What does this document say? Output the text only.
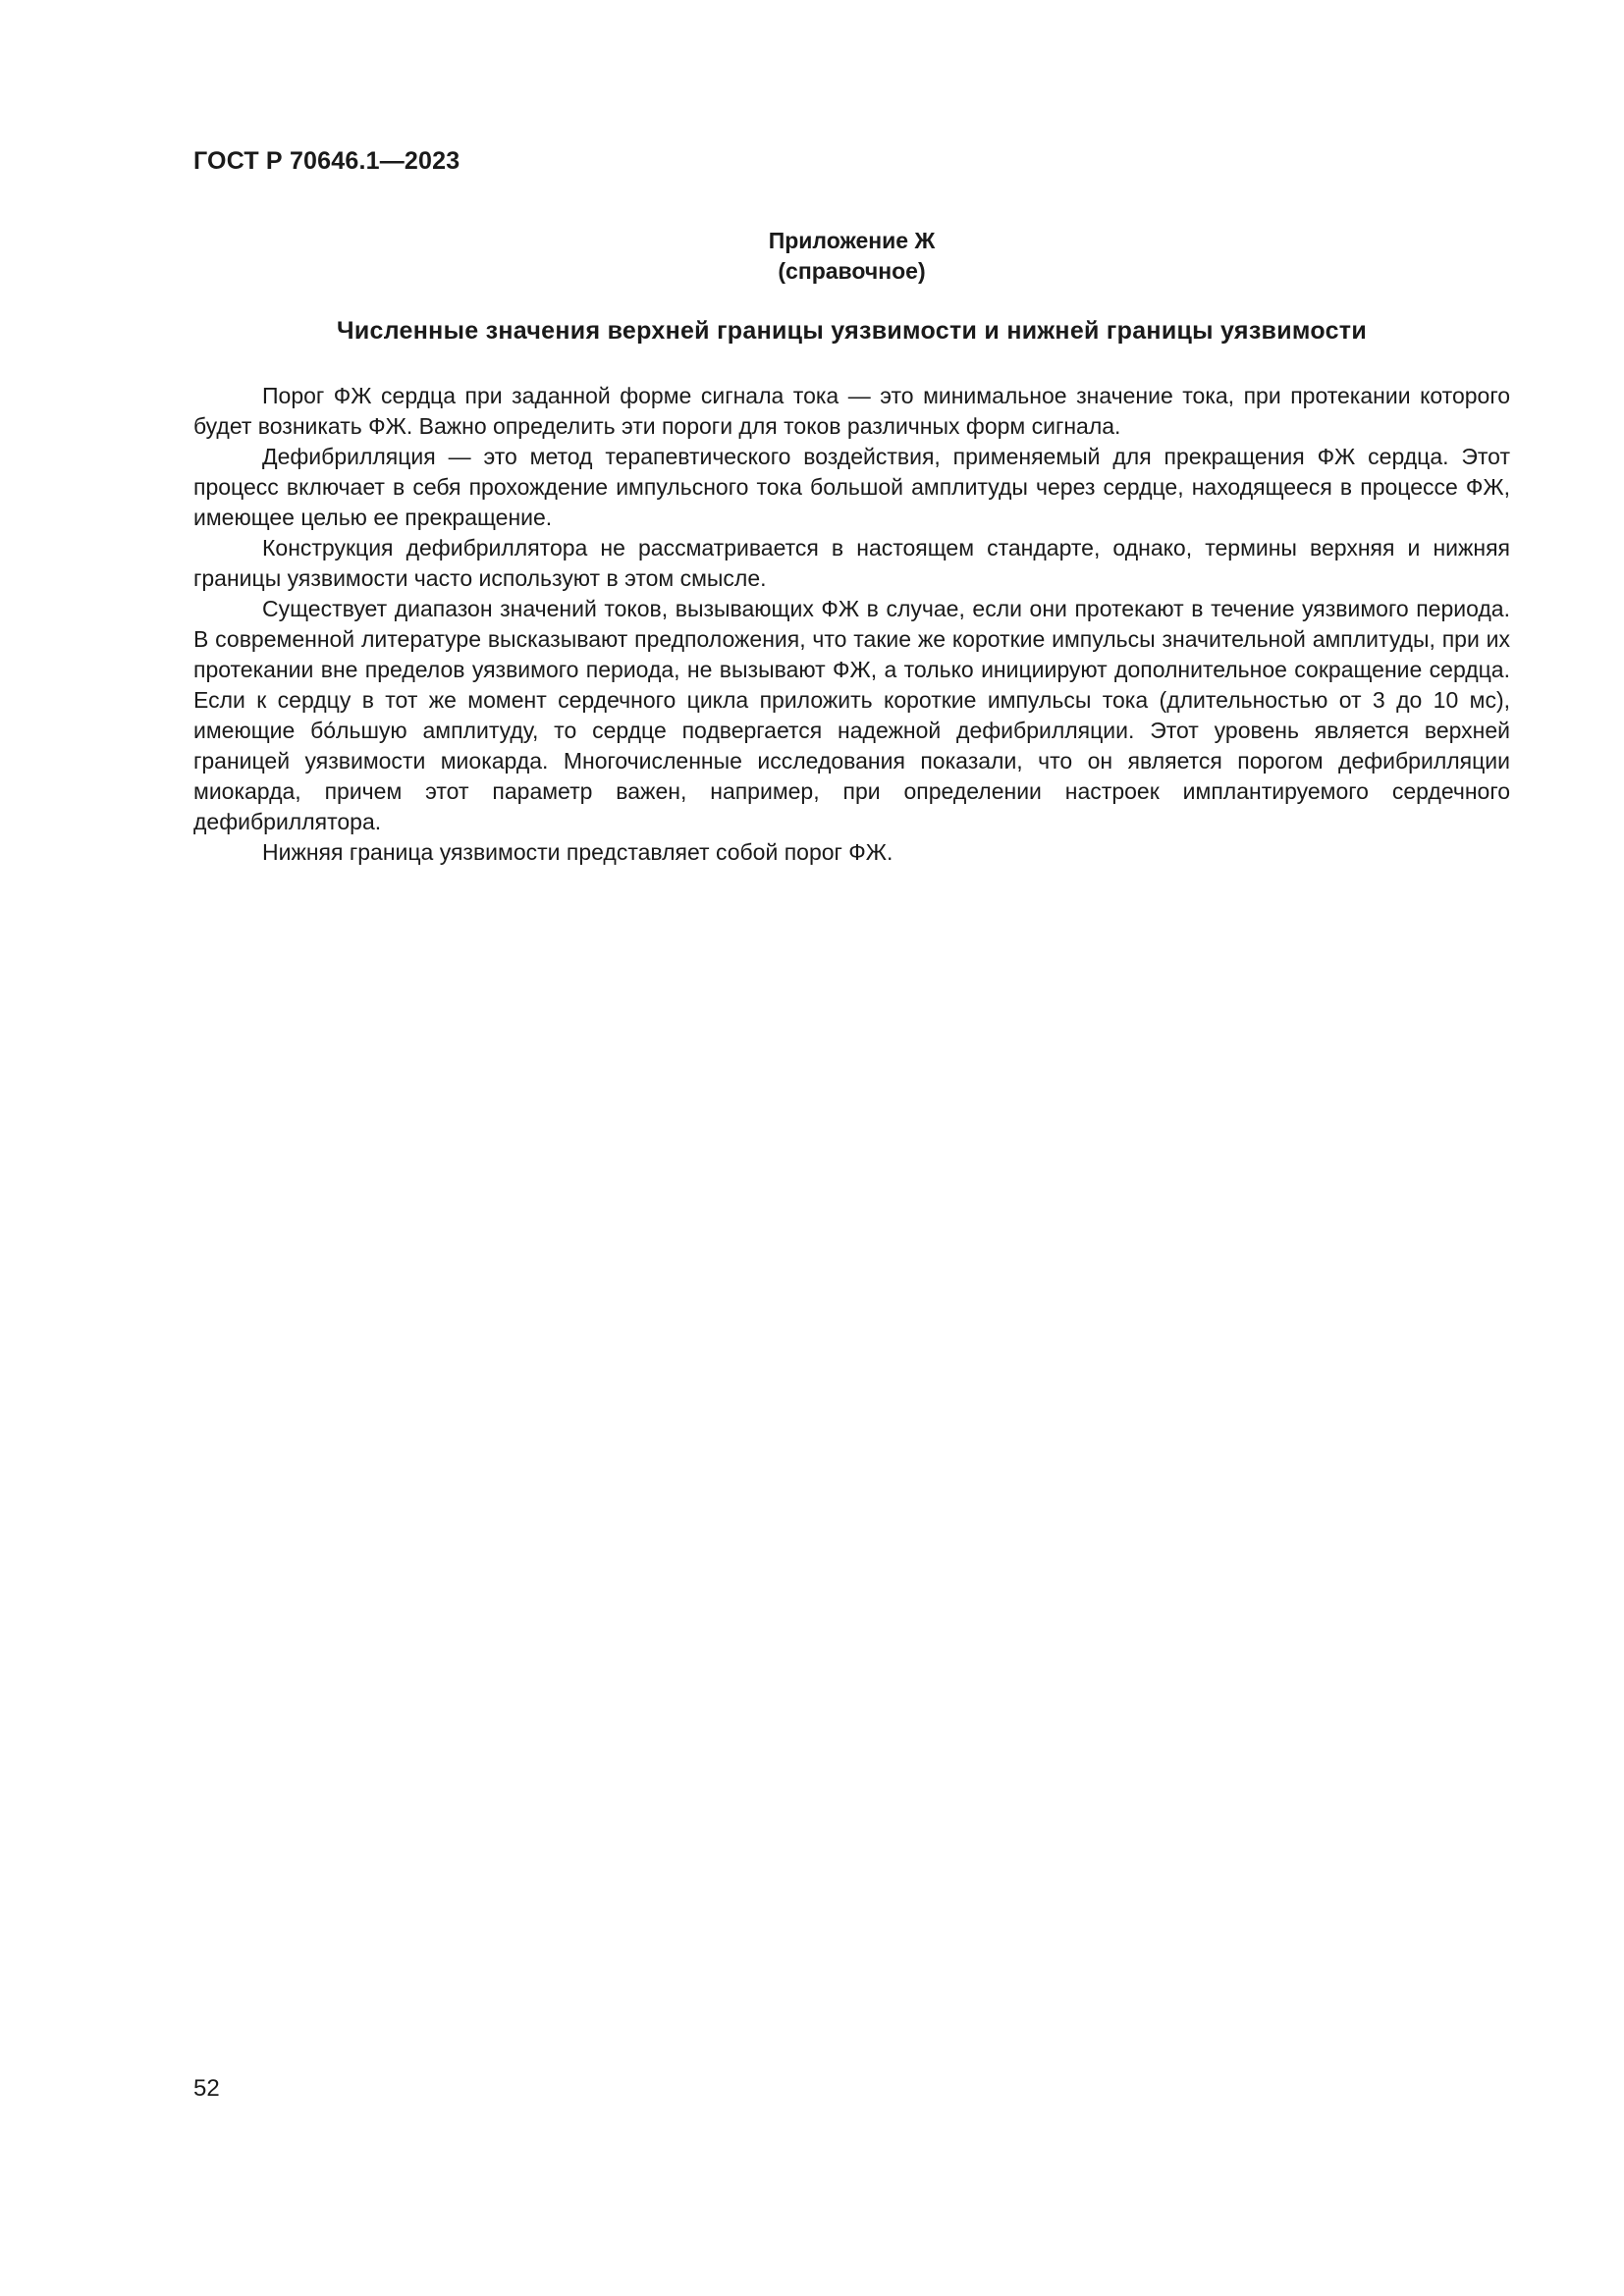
ГОСТ Р 70646.1—2023
Приложение Ж
(справочное)
Численные значения верхней границы уязвимости и нижней границы уязвимости

Порог ФЖ сердца при заданной форме сигнала тока — это минимальное значение тока, при протекании которого будет возникать ФЖ. Важно определить эти пороги для токов различных форм сигнала.

Дефибрилляция — это метод терапевтического воздействия, применяемый для прекращения ФЖ сердца. Этот процесс включает в себя прохождение импульсного тока большой амплитуды через сердце, находящееся в процессе ФЖ, имеющее целью ее прекращение.

Конструкция дефибриллятора не рассматривается в настоящем стандарте, однако, термины верхняя и нижняя границы уязвимости часто используют в этом смысле.

Существует диапазон значений токов, вызывающих ФЖ в случае, если они протекают в течение уязвимого периода. В современной литературе высказывают предположения, что такие же короткие импульсы значительной амплитуды, при их протекании вне пределов уязвимого периода, не вызывают ФЖ, а только инициируют дополнительное сокращение сердца. Если к сердцу в тот же момент сердечного цикла приложить короткие импульсы тока (длительностью от 3 до 10 мс), имеющие бо́льшую амплитуду, то сердце подвергается надежной дефибрилляции. Этот уровень является верхней границей уязвимости миокарда. Многочисленные исследования показали, что он является порогом дефибрилляции миокарда, причем этот параметр важен, например, при определении настроек имплантируемого сердечного дефибриллятора.

Нижняя граница уязвимости представляет собой порог ФЖ.

52
